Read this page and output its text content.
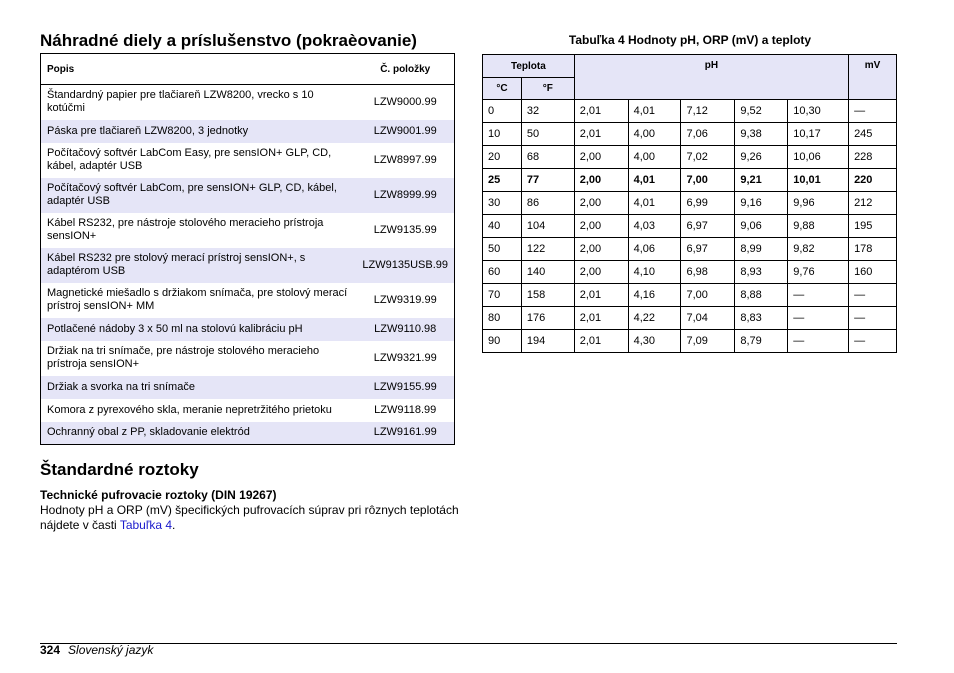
Náhradné diely a príslušenstvo (pokraèovanie)
Popis	Č. položky
Štandardný papier pre tlačiareň LZW8200, vrecko s 10 kotúčmi	LZW9000.99
Páska pre tlačiareň LZW8200, 3 jednotky	LZW9001.99
Počítačový softvér LabCom Easy, pre sensION+ GLP, CD, kábel, adaptér USB	LZW8997.99
Počítačový softvér LabCom, pre sensION+ GLP, CD, kábel, adaptér USB	LZW8999.99
Kábel RS232, pre nástroje stolového meracieho prístroja sensION+	LZW9135.99
Kábel RS232 pre stolový merací prístroj sensION+, s adaptérom USB	LZW9135USB.99
Magnetické miešadlo s držiakom snímača, pre stolový merací prístroj sensION+ MM	LZW9319.99
Potlačené nádoby 3 x 50 ml na stolovú kalibráciu pH	LZW9110.98
Držiak na tri snímače, pre nástroje stolového meracieho prístroja sensION+	LZW9321.99
Držiak a svorka na tri snímače	LZW9155.99
Komora z pyrexového skla, meranie nepretržitého prietoku	LZW9118.99
Ochranný obal z PP, skladovanie elektród	LZW9161.99
Tabuľka 4 Hodnoty pH, ORP (mV) a teploty
Teplota		pH					mV
°C	°F						
0	32	2,01	4,01	7,12	9,52	10,30	—
10	50	2,01	4,00	7,06	9,38	10,17	245
20	68	2,00	4,00	7,02	9,26	10,06	228
25	77	2,00	4,01	7,00	9,21	10,01	220
30	86	2,00	4,01	6,99	9,16	9,96	212
40	104	2,00	4,03	6,97	9,06	9,88	195
50	122	2,00	4,06	6,97	8,99	9,82	178
60	140	2,00	4,10	6,98	8,93	9,76	160
70	158	2,01	4,16	7,00	8,88	—	—
80	176	2,01	4,22	7,04	8,83	—	—
90	194	2,01	4,30	7,09	8,79	—	—
Štandardné roztoky
Technické pufrovacie roztoky (DIN 19267)
Hodnoty pH a ORP (mV) špecifických pufrovacích súprav pri rôznych teplotách nájdete v časti Tabuľka 4.
324 Slovenský jazyk
